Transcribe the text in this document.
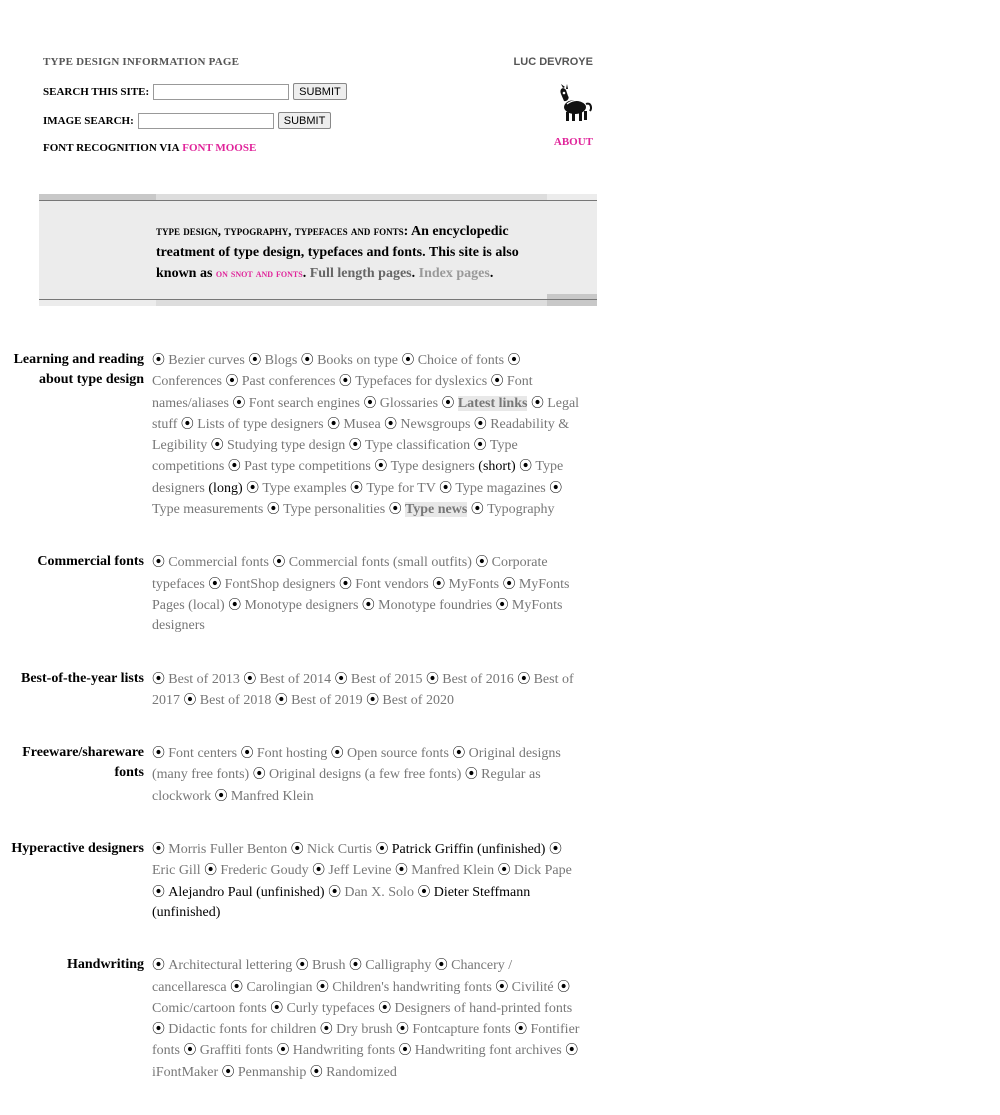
TYPE DESIGN INFORMATION PAGE	LUC DEVROYE
SEARCH THIS SITE:	SUBMIT
IMAGE SEARCH:	SUBMIT
FONT RECOGNITION VIA
FONT MOOSE	ABOUT
type design, typography, typefaces and fonts: An encyclopedic treatment of type design, typefaces and fonts. This site is also known as on snot and fonts. Full length pages. Index pages.
Learning and reading about type design
⦿ Bezier curves ⦿ Blogs ⦿ Books on type ⦿ Choice of fonts ⦿ Conferences ⦿ Past conferences ⦿ Typefaces for dyslexics ⦿ Font names/aliases ⦿ Font search engines ⦿ Glossaries ⦿ Latest links ⦿ Legal stuff ⦿ Lists of type designers ⦿ Musea ⦿ Newsgroups ⦿ Readability & Legibility ⦿ Studying type design ⦿ Type classification ⦿ Type competitions ⦿ Past type competitions ⦿ Type designers (short) ⦿ Type designers (long) ⦿ Type examples ⦿ Type for TV ⦿ Type magazines ⦿ Type measurements ⦿ Type personalities ⦿ Type news ⦿ Typography
Commercial fonts ⦿ Commercial fonts ⦿ Commercial fonts (small outfits) ⦿ Corporate typefaces ⦿ FontShop designers ⦿ Font vendors ⦿ MyFonts ⦿ MyFonts Pages (local) ⦿ Monotype designers ⦿ Monotype foundries ⦿ MyFonts designers
Best-of-the-year lists ⦿ Best of 2013 ⦿ Best of 2014 ⦿ Best of 2015 ⦿ Best of 2016 ⦿ Best of 2017 ⦿ Best of 2018 ⦿ Best of 2019 ⦿ Best of 2020
Freeware/shareware fonts
⦿ Font centers ⦿ Font hosting ⦿ Open source fonts ⦿ Original designs (many free fonts) ⦿ Original designs (a few free fonts) ⦿ Regular as clockwork ⦿ Manfred Klein
Hyperactive designers ⦿ Morris Fuller Benton ⦿ Nick Curtis ⦿ Patrick Griffin (unfinished) ⦿ Eric Gill ⦿ Frederic Goudy ⦿ Jeff Levine ⦿ Manfred Klein ⦿ Dick Pape ⦿ Alejandro Paul (unfinished) ⦿ Dan X. Solo ⦿ Dieter Steffmann (unfinished)
Handwriting ⦿ Architectural lettering ⦿ Brush ⦿ Calligraphy ⦿ Chancery / cancellaresca ⦿ Carolingian ⦿ Children's handwriting fonts ⦿ Civilité ⦿ Comic/cartoon fonts ⦿ Curly typefaces ⦿ Designers of hand-printed fonts ⦿ Didactic fonts for children ⦿ Dry brush ⦿ Fontcapture fonts ⦿ Fontifier fonts ⦿ Graffiti fonts ⦿ Handwriting fonts ⦿ Handwriting font archives ⦿ iFontMaker ⦿ Penmanship ⦿ Randomized
